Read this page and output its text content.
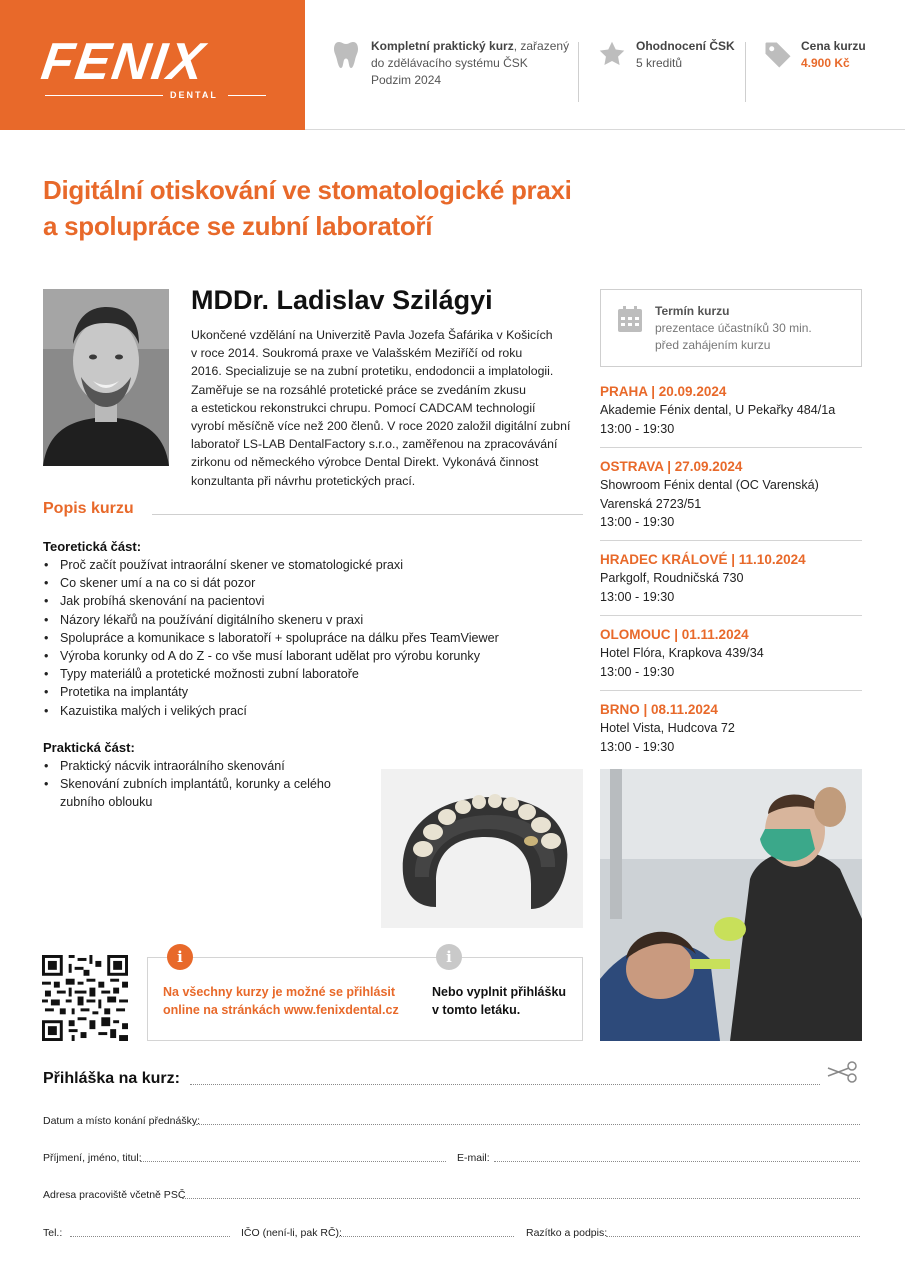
FENIX
DENTAL
Kompletní praktický kurz, zařazený
do zdělávacího systému ČSK
Podzim 2024
Ohodnocení ČSK
5 kreditů
Cena kurzu
4.900 Kč
Digitální otiskování ve stomatologické praxi
a spolupráce se zubní laboratoří
MDDr. Ladislav Szilágyi
Ukončené vzdělání na Univerzitě Pavla Jozefa Šafárika v Košicích
v roce 2014. Soukromá praxe ve Valašském Meziříčí od roku
2016. Specializuje se na zubní protetiku, endodoncii a implatologii.
Zaměřuje se na rozsáhlé protetické práce se zvedáním zkusu
a estetickou rekonstrukci chrupu. Pomocí CADCAM technologií
vyrobí měsíčně více než 200 členů. V roce 2020 založil digitální zubní
laboratoř LS-LAB DentalFactory s.r.o., zaměřenou na zpracovávání
zirkonu od německého výrobce Dental Direkt. Vykonává činnost
konzultanta při návrhu protetických prací.
Popis kurzu
Teoretická část:
• Proč začít používat intraorální skener ve stomatologické praxi
• Co skener umí a na co si dát pozor
• Jak probíhá skenování na pacientovi
• Názory lékařů na používání digitálního skeneru v praxi
• Spolupráce a komunikace s laboratoří + spolupráce na dálku přes TeamViewer
• Výroba korunky od A do Z - co vše musí laborant udělat pro výrobu korunky
• Typy materiálů a protetické možnosti zubní laboratoře
• Protetika na implantáty
• Kazuistika malých i velikých prací
Praktická část:
• Praktický nácvik intraorálního skenování
• Skenování zubních implantátů, korunky a celého
zubního oblouku
i	i
Na všechny kurzy je možné se přihlásit
online na stránkách www.fenixdental.cz
Nebo vyplnit přihlášku
v tomto letáku.
Termín kurzu
prezentace účastníků 30 min.
před zahájením kurzu
PRAHA | 20.09.2024
Akademie Fénix dental, U Pekařky 484/1a
13:00 - 19:30
OSTRAVA | 27.09.2024
Showroom Fénix dental (OC Varenská)
Varenská 2723/51
13:00 - 19:30
HRADEC KRÁLOVÉ | 11.10.2024
Parkgolf, Roudničská 730
13:00 - 19:30
OLOMOUC | 01.11.2024
Hotel Flóra, Krapkova 439/34
13:00 - 19:30
BRNO | 08.11.2024
Hotel Vista, Hudcova 72
13:00 - 19:30
Přihláška na kurz:
Datum a místo konání přednášky:
Příjmení, jméno, titul:	E-mail:
Adresa pracoviště včetně PSČ
Tel.:	IČO (není-li, pak RČ):	Razítko a podpis:
